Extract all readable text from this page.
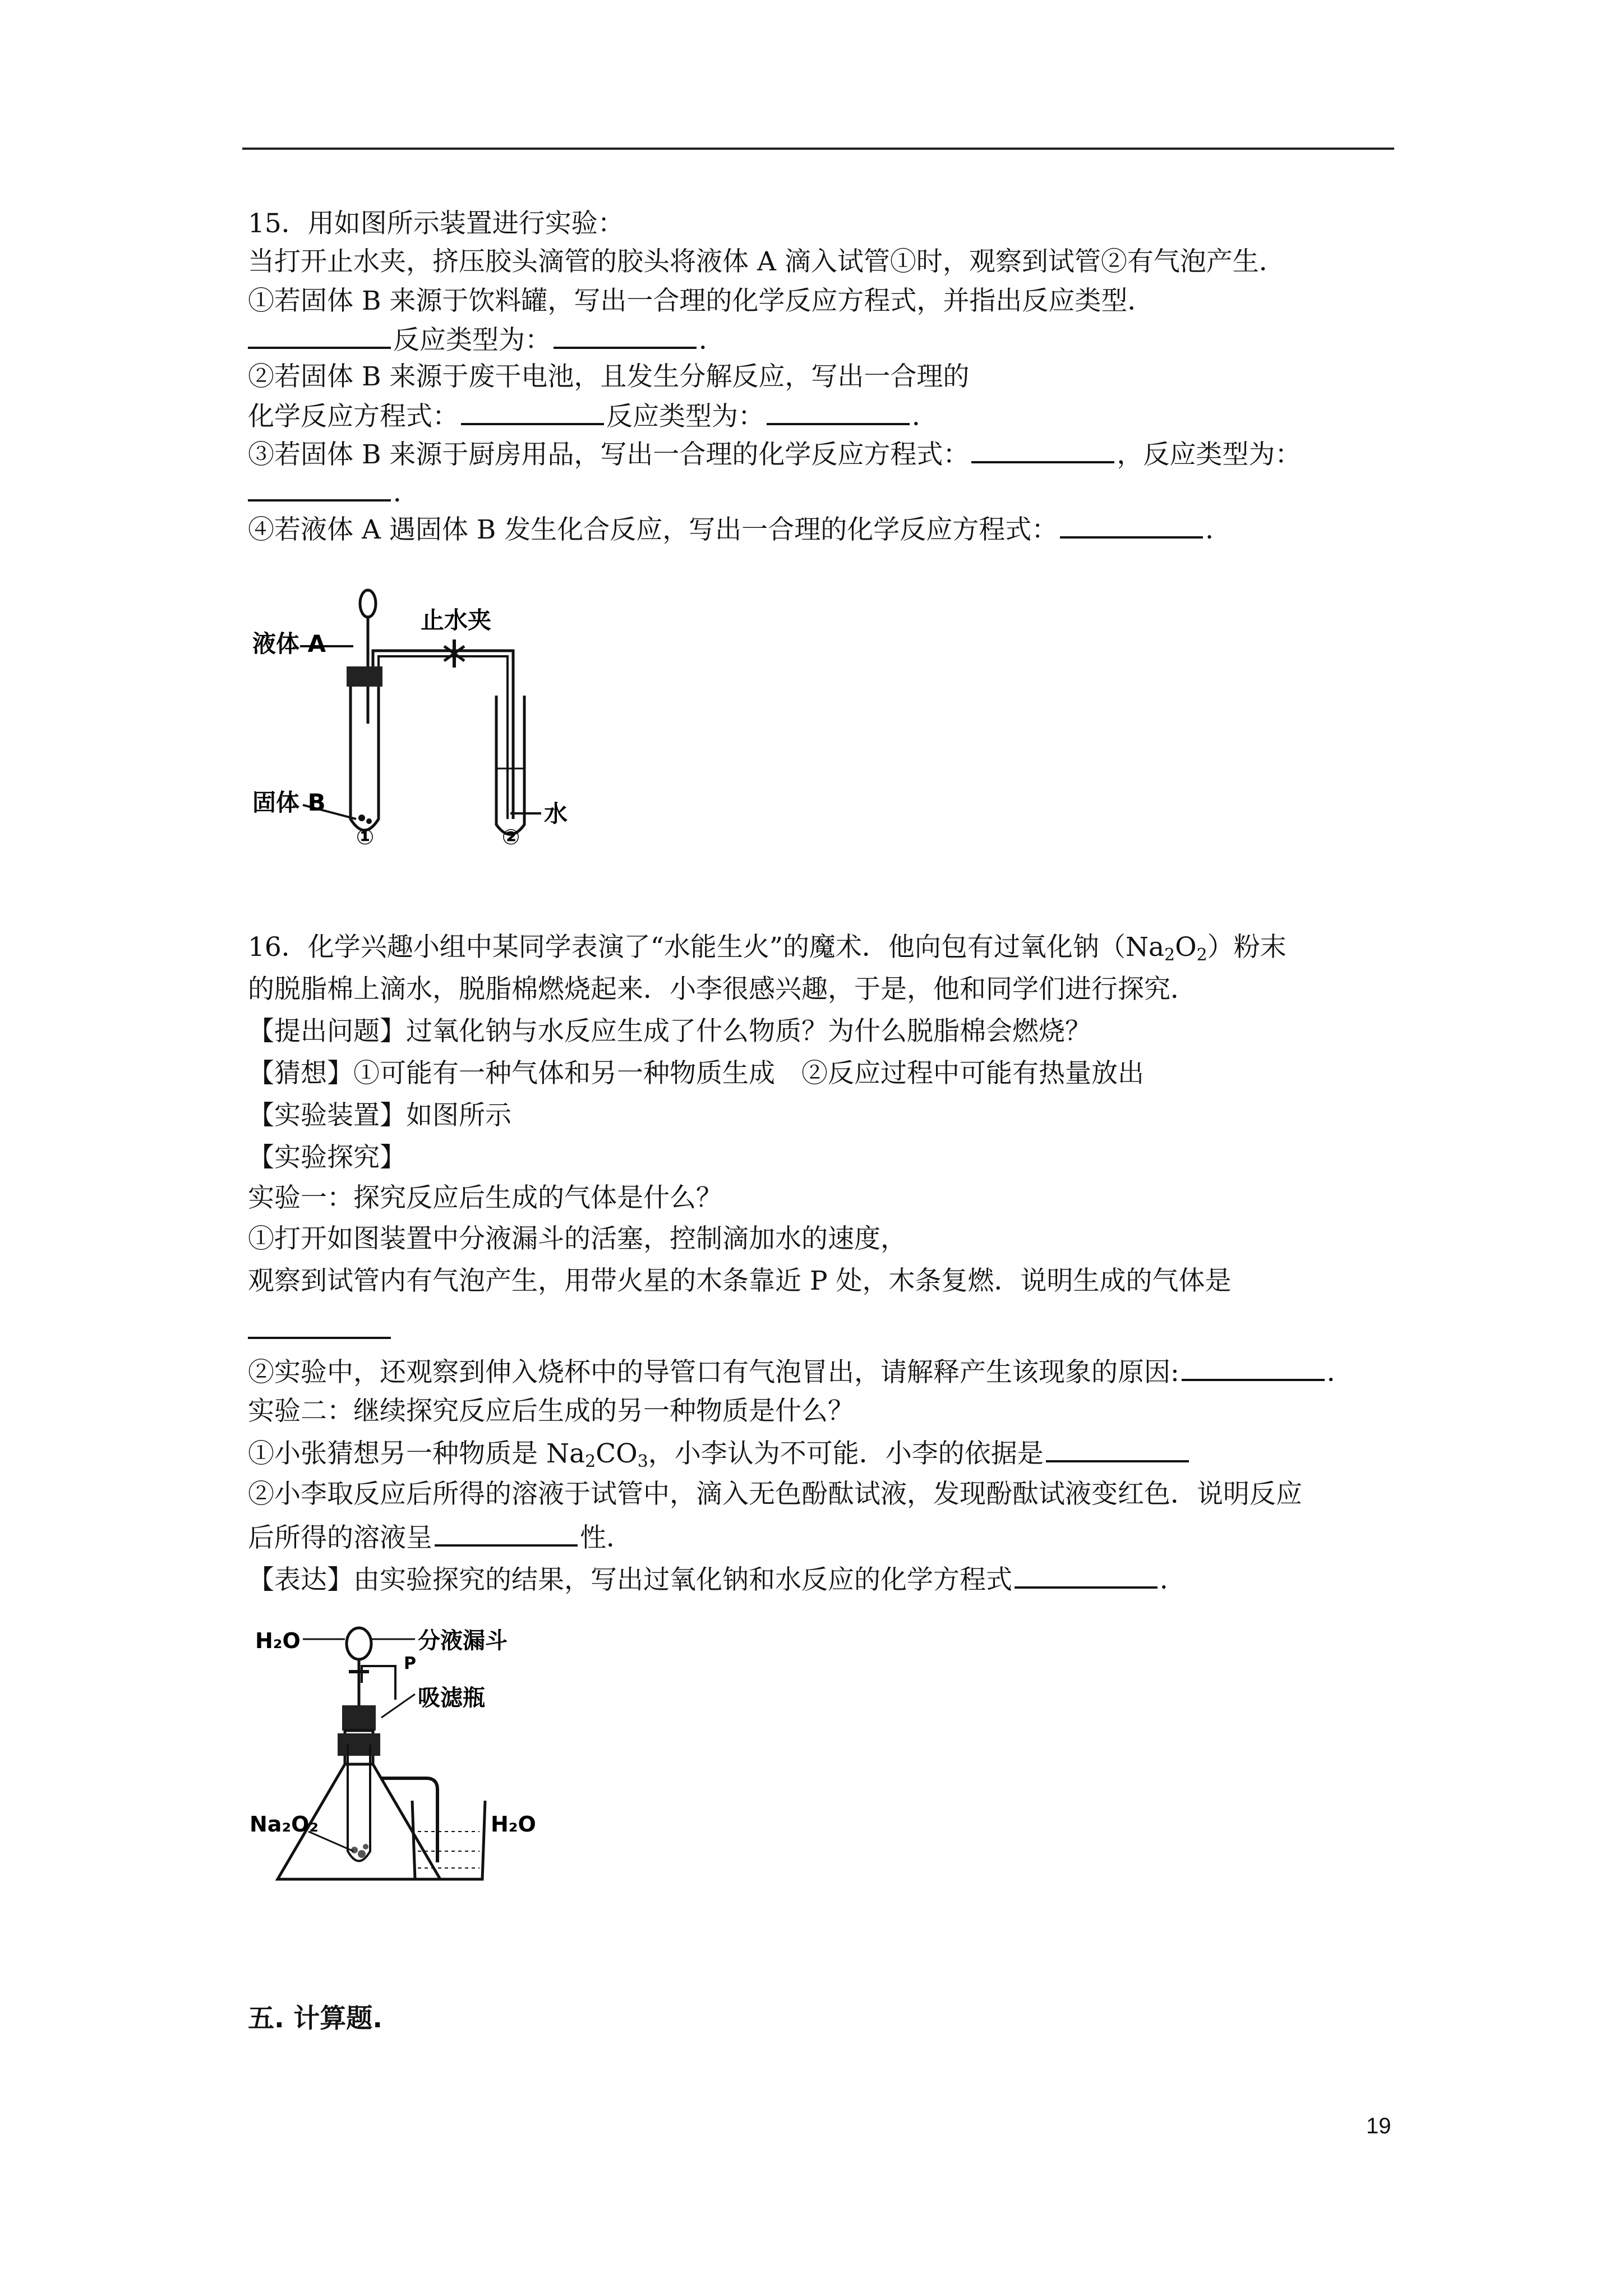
15．用如图所示装置进行实验：
当打开止水夹，挤压胶头滴管的胶头将液体 A 滴入试管①时，观察到试管②有气泡产生．
①若固体 B 来源于饮料罐，写出一合理的化学反应方程式，并指出反应类型．
反应类型为：	．
②若固体 B 来源于废干电池，且发生分解反应，写出一合理的
化学反应方程式：	反应类型为：	．
③若固体 B 来源于厨房用品，写出一合理的化学反应方程式：	，反应类型为：
．
④若液体 A 遇固体 B 发生化合反应，写出一合理的化学反应方程式：	．
液体 A
止水夹
固体 B	水
①	②
16．化学兴趣小组中某同学表演了“水能生火”的魔术．他向包有过氧化钠$(Na_2O_2)$粉末
的脱脂棉上滴水，脱脂棉燃烧起来．小李很感兴趣，于是，他和同学们进行探究．
【提出问题】过氧化钠与水反应生成了什么物质？为什么脱脂棉会燃烧？
【猜想】①可能有一种气体和另一种物质生成　②反应过程中可能有热量放出
【实验装置】如图所示
【实验探究】
实验一：探究反应后生成的气体是什么？
①打开如图装置中分液漏斗的活塞，控制滴加水的速度，
观察到试管内有气泡产生，用带火星的木条靠近 P 处，木条复燃．说明生成的气体是
②实验中，还观察到伸入烧杯中的导管口有气泡冒出，请解释产生该现象的原因:	．
实验二：继续探究反应后生成的另一种物质是什么？
①小张猜想另一种物质是 $Na_2CO_3$，小李认为不可能．小李的依据是
②小李取反应后所得的溶液于试管中，滴入无色酚酞试液，发现酚酞试液变红色．说明反应
后所得的溶液呈	性．
【表达】由实验探究的结果，写出过氧化钠和水反应的化学方程式	．
H₂O	分液漏斗
P
吸滤瓶
Na₂O₂	H₂O
五. 计算题.
19
